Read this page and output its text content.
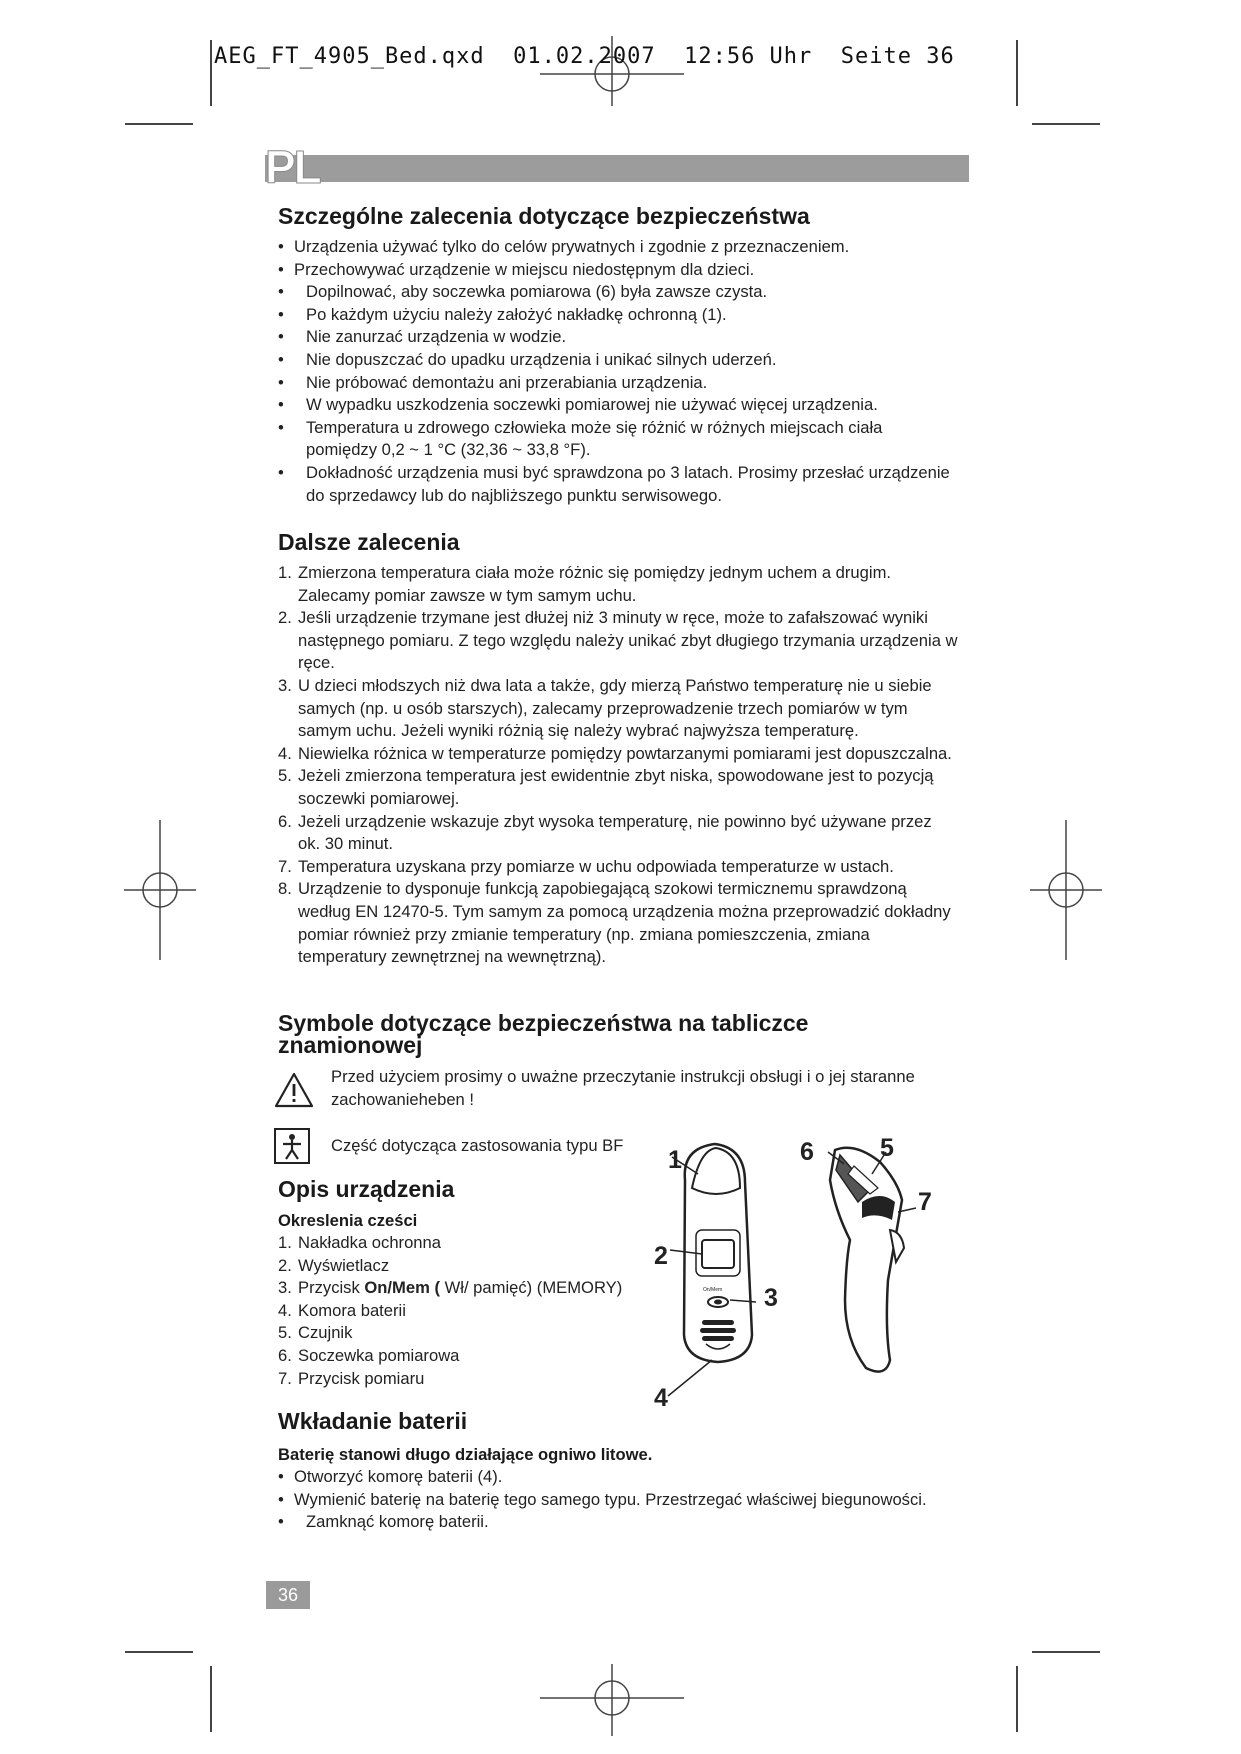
AEG_FT_4905_Bed.qxd  01.02.2007  12:56 Uhr  Seite 36
PL
Szczególne zalecenia dotyczące bezpieczeństwa
• Urządzenia używać tylko do celów prywatnych i zgodnie z przeznaczeniem.
• Przechowywać urządzenie w miejscu niedostępnym dla dzieci.
• Dopilnować, aby soczewka pomiarowa (6) była zawsze czysta.
• Po każdym użyciu należy założyć nakładkę ochronną (1).
• Nie zanurzać urządzenia w wodzie.
• Nie dopuszczać do upadku urządzenia i unikać silnych uderzeń.
• Nie próbować demontażu ani przerabiania urządzenia.
• W wypadku uszkodzenia soczewki pomiarowej nie używać więcej urządzenia.
• Temperatura u zdrowego człowieka może się różnić w różnych miejscach ciała pomiędzy 0,2 ~ 1 °C (32,36 ~ 33,8 °F).
• Dokładność urządzenia musi być sprawdzona po 3 latach. Prosimy przesłać urządzenie do sprzedawcy lub do najbliższego punktu serwisowego.
Dalsze zalecenia
1. Zmierzona temperatura ciała może różnic się pomiędzy jednym uchem a drugim. Zalecamy pomiar zawsze w tym samym uchu.
2. Jeśli urządzenie trzymane jest dłużej niż 3 minuty w ręce, może to zafałszować wyniki następnego pomiaru. Z tego względu należy unikać zbyt długiego trzymania urządzenia w ręce.
3. U dzieci młodszych niż dwa lata a także, gdy mierzą Państwo temperaturę nie u siebie samych (np. u osób starszych), zalecamy przeprowadzenie trzech pomiarów w tym samym uchu. Jeżeli wyniki różnią się należy wybrać najwyższa temperaturę.
4. Niewielka różnica w temperaturze pomiędzy powtarzanymi pomiarami jest dopuszczalna.
5. Jeżeli zmierzona temperatura jest ewidentnie zbyt niska, spowodowane jest to pozycją soczewki pomiarowej.
6. Jeżeli urządzenie wskazuje zbyt wysoka temperaturę, nie powinno być używane przez ok. 30 minut.
7. Temperatura uzyskana przy pomiarze w uchu odpowiada temperaturze w ustach.
8. Urządzenie to dysponuje funkcją zapobiegającą szokowi termicznemu sprawdzoną według EN 12470-5. Tym samym za pomocą urządzenia można przeprowadzić dokładny pomiar również przy zmianie temperatury (np. zmiana pomieszczenia, zmiana temperatury zewnętrznej na wewnętrzną).
Symbole dotyczące bezpieczeństwa na tabliczce znamionowej
Przed użyciem prosimy o uważne przeczytanie instrukcji obsługi i o jej staranne zachowanieheben !
Część dotycząca zastosowania typu BF
Opis urządzenia
Okreslenia cześci
1. Nakładka ochronna
2. Wyświetlacz
3. Przycisk On/Mem ( Wł/ pamięć) (MEMORY)
4. Komora baterii
5. Czujnik
6. Soczewka pomiarowa
7. Przycisk pomiaru
On/Mem
1
2
3
4
5
6
7
Wkładanie baterii
Baterię stanowi długo działające ogniwo litowe.
• Otworzyć komorę baterii (4).
• Wymienić baterię na baterię tego samego typu. Przestrzegać właściwej biegunowości.
• Zamknąć komorę baterii.
36
